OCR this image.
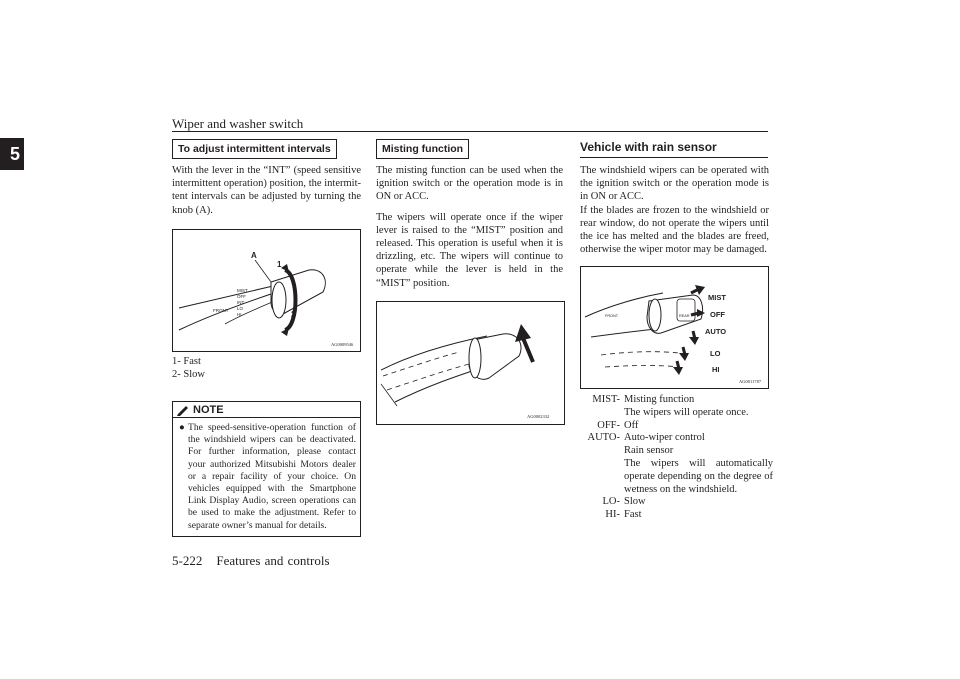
Wiper and washer switch
5	To adjust intermittent intervals

With the lever in the “INT” (speed sensitive intermittent operation) position, the intermit- tent intervals can be adjusted by turning the knob (A).

A
1
2
MIST
OFF
INT
LO
HI
FRONT
AG0009546
1- Fast
2- Slow
NOTE
● The speed-sensitive-operation function of the windshield wipers can be deactivated. For further information, please contact your authorized Mitsubishi Motors dealer or a repair facility of your choice. On vehicles equipped with the Smartphone Link Display Audio, screen operations can be used to make the adjustment. Refer to separate owner’s manual for details.
Misting function

The misting function can be used when the ignition switch or the operation mode is in ON or ACC.

The wipers will operate once if the wiper lever is raised to the “MIST” position and released. This operation is useful when it is drizzling, etc. The wipers will continue to operate while the lever is held in the “MIST” position.

AG0002332
Vehicle with rain sensor
The windshield wipers can be operated with the ignition switch or the operation mode is in ON or ACC.
If the blades are frozen to the windshield or rear window, do not operate the wipers until the ice has melted and the blades are freed, otherwise the wiper motor may be damaged.
FRONT	REAR
MIST
OFF
AUTO
LO
HI
AG0011787
MIST- Misting function
The wipers will operate once.
OFF- Off
AUTO- Auto-wiper control
Rain sensor
The wipers will automatically operate depending on the degree of wetness on the windshield.
LO- Slow
HI- Fast
5-222 Features and controls
